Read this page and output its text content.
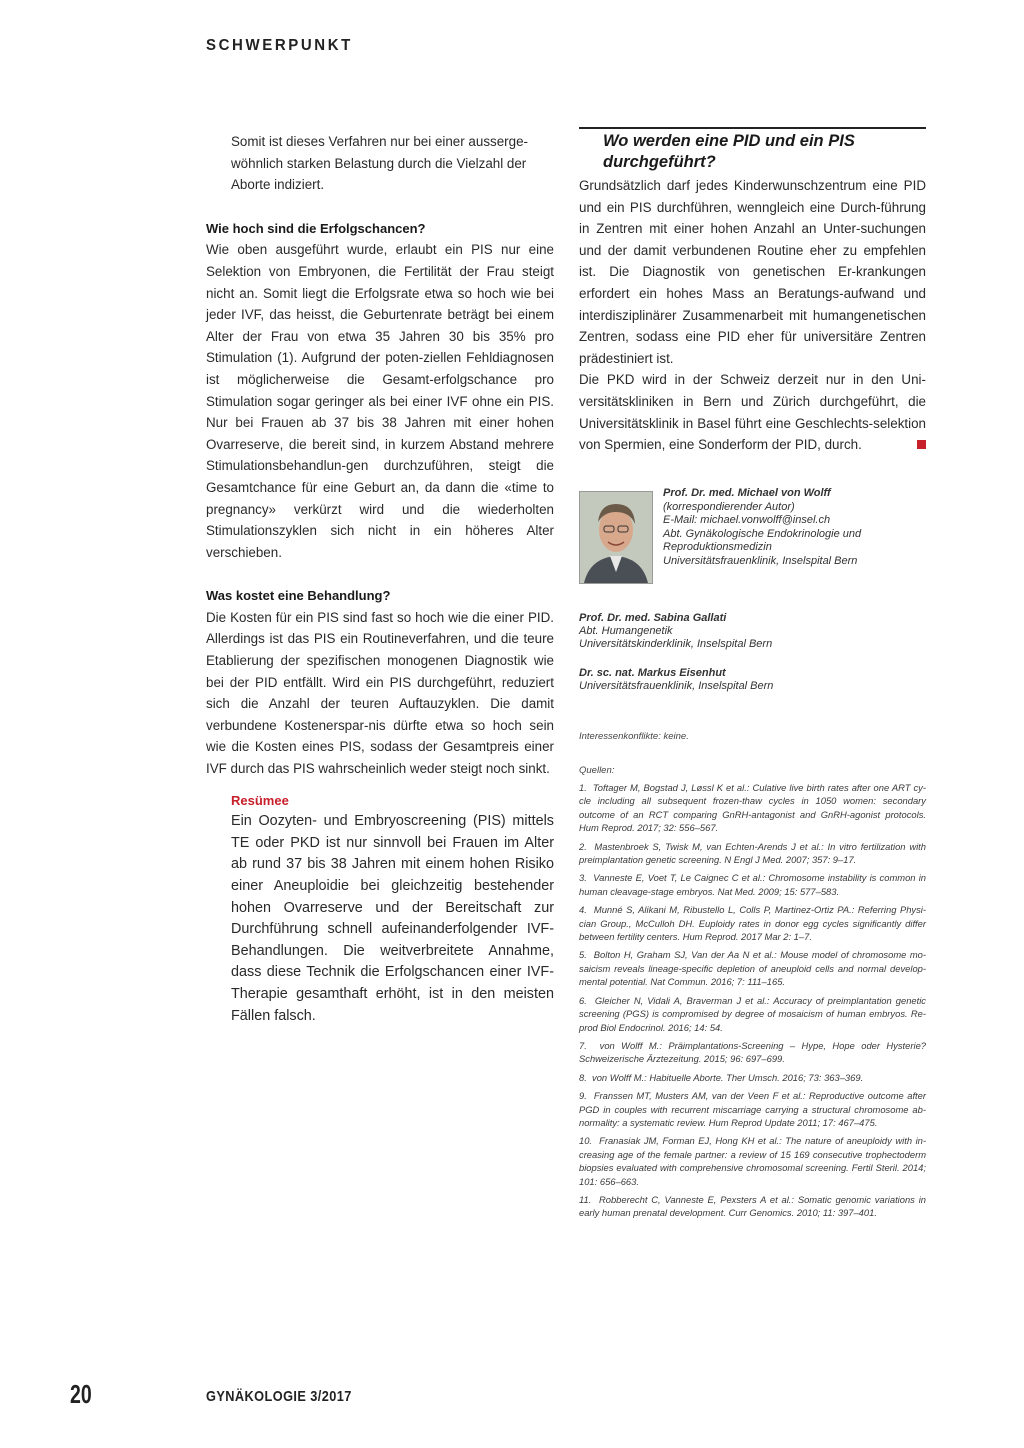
SCHWERPUNKT

Somit ist dieses Verfahren nur bei einer ausserge-wöhnlich starken Belastung durch die Vielzahl der Aborte indiziert.

Wie hoch sind die Erfolgschancen?

Wie oben ausgeführt wurde, erlaubt ein PIS nur eine Selektion von Embryonen, die Fertilität der Frau steigt nicht an. Somit liegt die Erfolgsrate etwa so hoch wie bei jeder IVF, das heisst, die Geburtenrate beträgt bei einem Alter der Frau von etwa 35 Jahren 30 bis 35% pro Stimulation (1). Aufgrund der poten-ziellen Fehldiagnosen ist möglicherweise die Gesamt-erfolgschance pro Stimulation sogar geringer als bei einer IVF ohne ein PIS. Nur bei Frauen ab 37 bis 38 Jahren mit einer hohen Ovarreserve, die bereit sind, in kurzem Abstand mehrere Stimulationsbehandlun-gen durchzuführen, steigt die Gesamtchance für eine Geburt an, da dann die «time to pregnancy» verkürzt wird und die wiederholten Stimulationszyklen sich nicht in ein höheres Alter verschieben.

Was kostet eine Behandlung?

Die Kosten für ein PIS sind fast so hoch wie die einer PID. Allerdings ist das PIS ein Routineverfahren, und die teure Etablierung der spezifischen monogenen Diagnostik wie bei der PID entfällt. Wird ein PIS durchgeführt, reduziert sich die Anzahl der teuren Auftauzyklen. Die damit verbundene Kostenerspar-nis dürfte etwa so hoch sein wie die Kosten eines PIS, sodass der Gesamtpreis einer IVF durch das PIS wahrscheinlich weder steigt noch sinkt.

Resümee

Ein Oozyten- und Embryoscreening (PIS) mittels TE oder PKD ist nur sinnvoll bei Frauen im Alter ab rund 37 bis 38 Jahren mit einem hohen Risiko einer Aneuploidie bei gleichzeitig bestehender hohen Ovarreserve und der Bereitschaft zur Durchführung schnell aufeinanderfolgender IVF-Behandlungen. Die weitverbreitete Annahme, dass diese Technik die Erfolgschancen einer IVF-Therapie gesamthaft erhöht, ist in den meisten Fällen falsch.

Wo werden eine PID und ein PIS durchgeführt?

Grundsätzlich darf jedes Kinderwunschzentrum eine PID und ein PIS durchführen, wenngleich eine Durch-führung in Zentren mit einer hohen Anzahl an Unter-suchungen und der damit verbundenen Routine eher zu empfehlen ist. Die Diagnostik von genetischen Er-krankungen erfordert ein hohes Mass an Beratungs-aufwand und interdisziplinärer Zusammenarbeit mit humangenetischen Zentren, sodass eine PID eher für universitäre Zentren prädestiniert ist.

Die PKD wird in der Schweiz derzeit nur in den Uni-versitätskliniken in Bern und Zürich durchgeführt, die Universitätsklinik in Basel führt eine Geschlechts-selektion von Spermien, eine Sonderform der PID, durch.

Prof. Dr. med. Michael von Wolff
(korrespondierender Autor)
E-Mail: michael.vonwolff@insel.ch
Abt. Gynäkologische Endokrinologie und
Reproduktionsmedizin
Universitätsfrauenklinik, Inselspital Bern
Prof. Dr. med. Sabina Gallati
Abt. Humangenetik
Universitätskinderklinik, Inselspital Bern
Dr. sc. nat. Markus Eisenhut
Universitätsfrauenklinik, Inselspital Bern
Interessenkonflikte: keine.
Quellen:
1.  Toftager M, Bogstad J, Løssl K et al.: Culative live birth rates after one ART cy-cle including all subsequent frozen-thaw cycles in 1050 women: secondary outcome of an RCT comparing GnRH-antagonist and GnRH-agonist protocols. Hum Reprod. 2017; 32: 556–567.
2.  Mastenbroek S, Twisk M, van Echten-Arends J et al.: In vitro fertilization with preimplantation genetic screening. N Engl J Med. 2007; 357: 9–17.
3.  Vanneste E, Voet T, Le Caignec C et al.: Chromosome instability is common in human cleavage-stage embryos. Nat Med. 2009; 15: 577–583.
4.  Munné S, Alikani M, Ribustello L, Colls P, Martinez-Ortiz PA.: Referring Physi-cian Group., McCulloh DH. Euploidy rates in donor egg cycles significantly differ between fertility centers. Hum Reprod. 2017 Mar 2: 1–7.
5.  Bolton H, Graham SJ, Van der Aa N et al.: Mouse model of chromosome mo-saicism reveals lineage-specific depletion of aneuploid cells and normal develop-mental potential. Nat Commun. 2016; 7: 111–165.
6.  Gleicher N, Vidali A, Braverman J et al.: Accuracy of preimplantation genetic screening (PGS) is compromised by degree of mosaicism of human embryos. Re-prod Biol Endocrinol. 2016; 14: 54.
7.  von Wolff M.: Präimplantations-Screening – Hype, Hope oder Hysterie? Schweizerische Ärztezeitung. 2015; 96: 697–699.
8.  von Wolff M.: Habituelle Aborte. Ther Umsch. 2016; 73: 363–369.
9.  Franssen MT, Musters AM, van der Veen F et al.: Reproductive outcome after PGD in couples with recurrent miscarriage carrying a structural chromosome ab-normality: a systematic review. Hum Reprod Update 2011; 17: 467–475.
10.  Franasiak JM, Forman EJ, Hong KH et al.: The nature of aneuploidy with in-creasing age of the female partner: a review of 15 169 consecutive trophectoderm biopsies evaluated with comprehensive chromosomal screening. Fertil Steril. 2014; 101: 656–663.
11.  Robberecht C, Vanneste E, Pexsters A et al.: Somatic genomic variations in early human prenatal development. Curr Genomics. 2010; 11: 397–401.
20	GYNÄKOLOGIE 3/2017
